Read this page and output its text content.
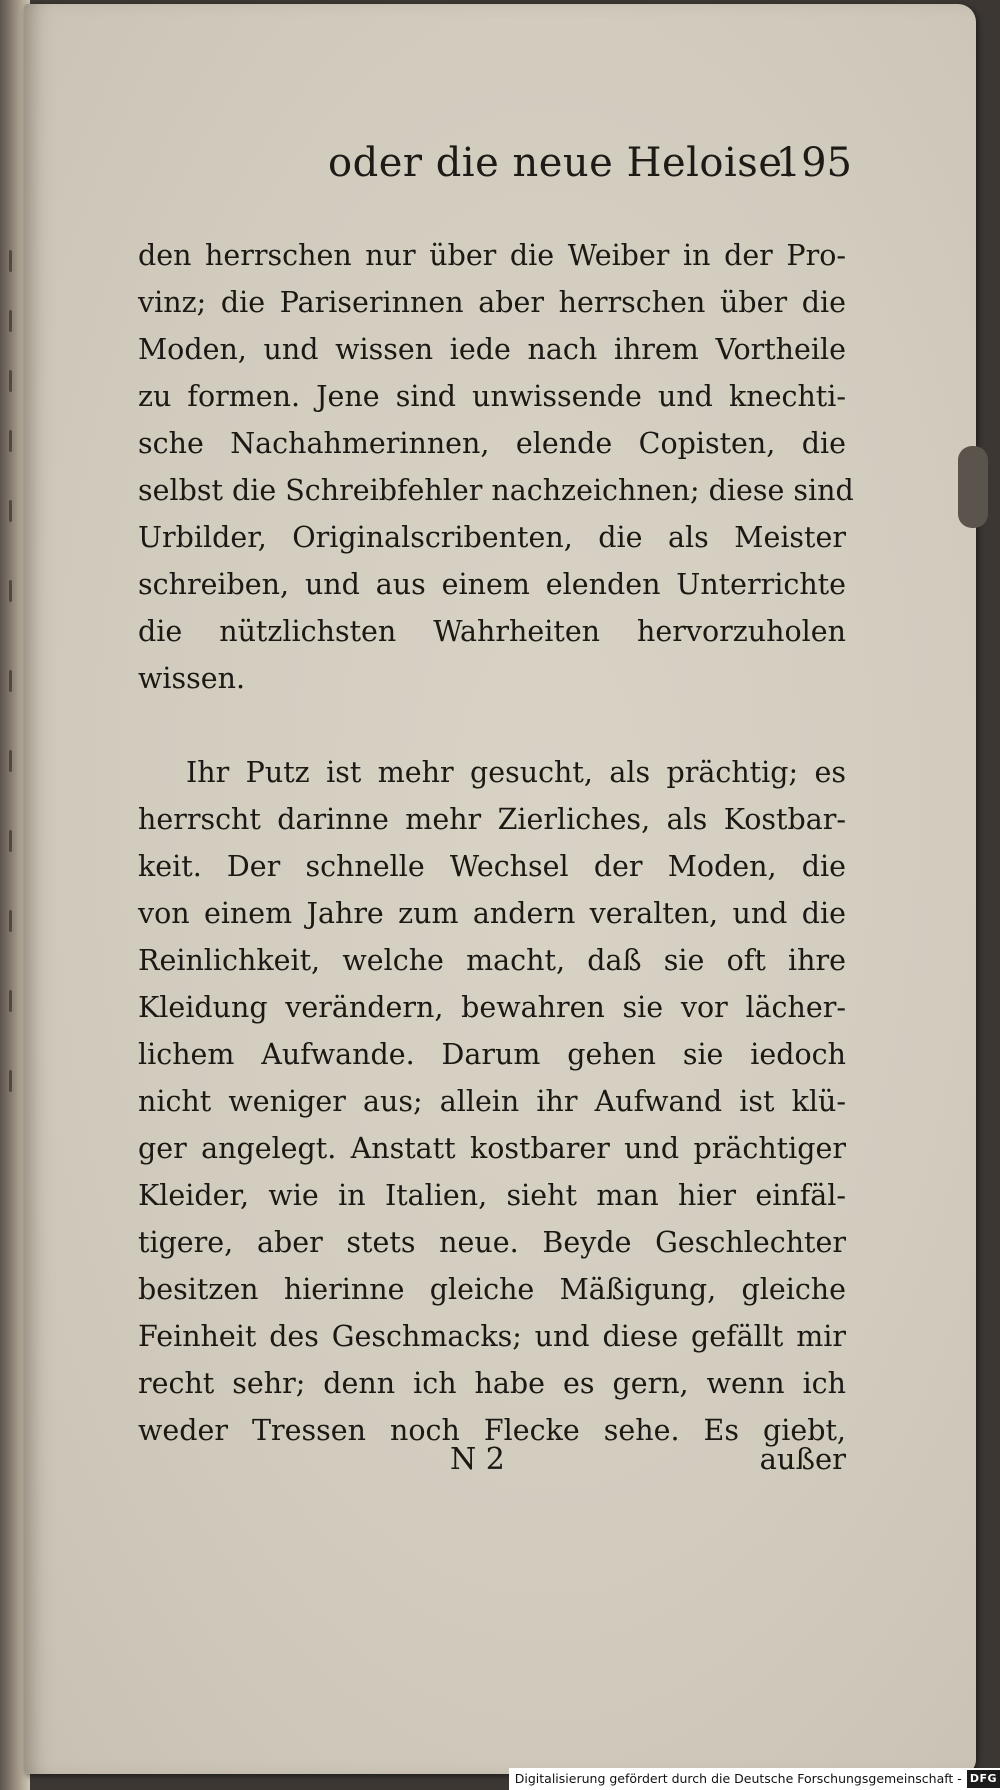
oder die neue Heloise.
195
den herrschen nur über die Weiber in der Pro-
vinz; die Pariserinnen aber herrschen über die
Moden, und wissen iede nach ihrem Vortheile
zu formen. Jene sind unwissende und knechti-
sche Nachahmerinnen, elende Copisten, die
selbst die Schreibfehler nachzeichnen; diese sind
Urbilder, Originalscribenten, die als Meister
schreiben, und aus einem elenden Unterrichte
die nützlichsten Wahrheiten hervorzuholen
wissen.
Ihr Putz ist mehr gesucht, als prächtig; es
herrscht darinne mehr Zierliches, als Kostbar-
keit. Der schnelle Wechsel der Moden, die
von einem Jahre zum andern veralten, und die
Reinlichkeit, welche macht, daß sie oft ihre
Kleidung verändern, bewahren sie vor lächer-
lichem Aufwande. Darum gehen sie iedoch
nicht weniger aus; allein ihr Aufwand ist klü-
ger angelegt. Anstatt kostbarer und prächtiger
Kleider, wie in Italien, sieht man hier einfäl-
tigere, aber stets neue. Beyde Geschlechter
besitzen hierinne gleiche Mäßigung, gleiche
Feinheit des Geschmacks; und diese gefällt mir
recht sehr; denn ich habe es gern, wenn ich
weder Tressen noch Flecke sehe. Es giebt,
N 2	außer
Digitalisierung gefördert durch die Deutsche Forschungsgemeinschaft - DFG
